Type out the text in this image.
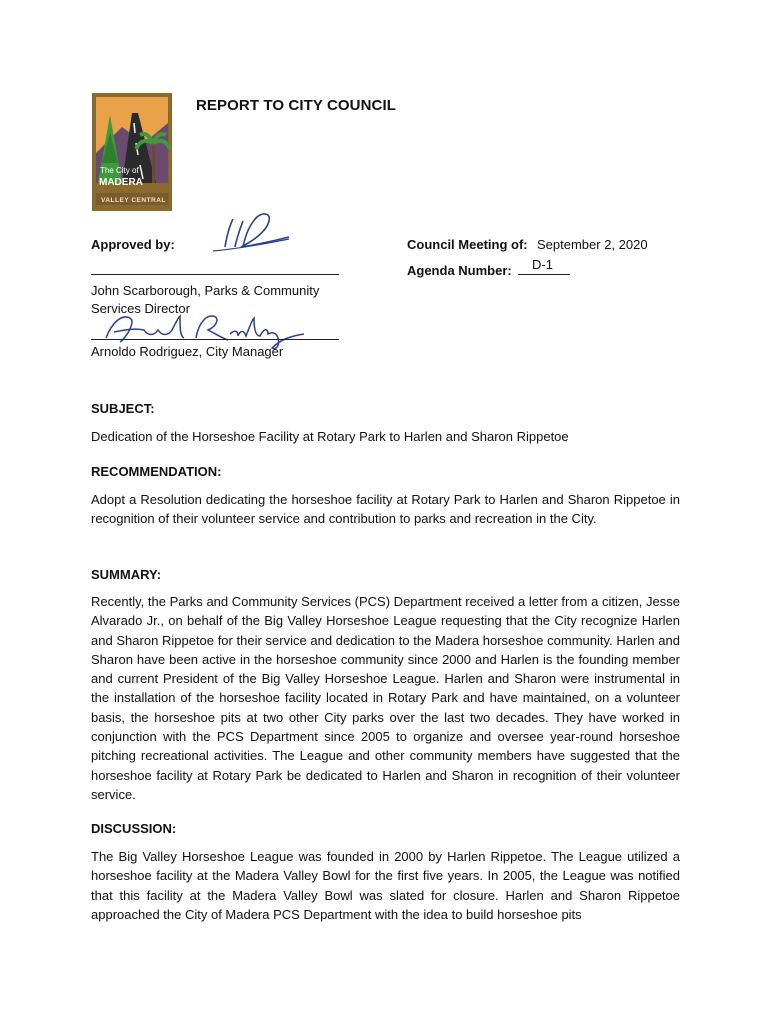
The City of
MADERA
VALLEY CENTRAL
REPORT TO CITY COUNCIL
Approved by:
John Scarborough, Parks & Community Services Director
Arnoldo Rodriguez, City Manager
Council Meeting of: September 2, 2020
Agenda Number: D-1
SUBJECT:
Dedication of the Horseshoe Facility at Rotary Park to Harlen and Sharon Rippetoe
RECOMMENDATION:
Adopt a Resolution dedicating the horseshoe facility at Rotary Park to Harlen and Sharon Rippetoe in recognition of their volunteer service and contribution to parks and recreation in the City.
SUMMARY:
Recently, the Parks and Community Services (PCS) Department received a letter from a citizen, Jesse Alvarado Jr., on behalf of the Big Valley Horseshoe League requesting that the City recognize Harlen and Sharon Rippetoe for their service and dedication to the Madera horseshoe community. Harlen and Sharon have been active in the horseshoe community since 2000 and Harlen is the founding member and current President of the Big Valley Horseshoe League. Harlen and Sharon were instrumental in the installation of the horseshoe facility located in Rotary Park and have maintained, on a volunteer basis, the horseshoe pits at two other City parks over the last two decades. They have worked in conjunction with the PCS Department since 2005 to organize and oversee year-round horseshoe pitching recreational activities. The League and other community members have suggested that the horseshoe facility at Rotary Park be dedicated to Harlen and Sharon in recognition of their volunteer service.
DISCUSSION:
The Big Valley Horseshoe League was founded in 2000 by Harlen Rippetoe. The League utilized a horseshoe facility at the Madera Valley Bowl for the first five years. In 2005, the League was notified that this facility at the Madera Valley Bowl was slated for closure. Harlen and Sharon Rippetoe approached the City of Madera PCS Department with the idea to build horseshoe pits
